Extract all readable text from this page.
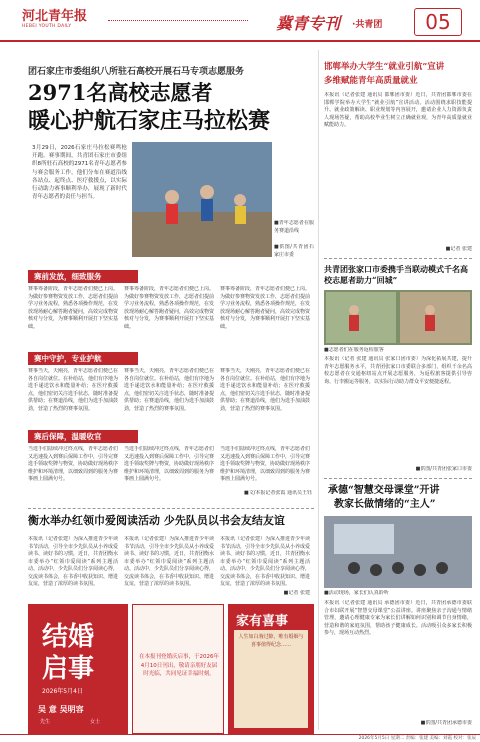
河北青年报
HEBEI YOUTH DAILY	冀青专刊 ·共青团	05
团石家庄市委组织八所驻石高校开展石马专项志愿服务
2971名高校志愿者
暖心护航石家庄马拉松赛
3月29日，2026石家庄马拉松赛鸣枪开跑。赛事期间，共青团石家庄市委组织8所驻石高校的2971名青年志愿者参与赛会服务工作，他们分布在赛道沿线各站点、起终点、医疗救援点，以实际行动助力赛事顺利举办，展现了新时代青年志愿者的责任与担当。
■青年志愿者在服务赛道沿线
■供图/共青团石家庄市委
赛前发放，细致服务
赛事筹备阶段，青年志愿者们便已上岗。为做好参赛物资发放工作，志愿者们提前学习业务流程，熟悉各项操作规范，在发放现场耐心解答跑者疑问，高效完成物资核对与分发，为赛事顺利开展打下坚实基础。
赛事筹备阶段，青年志愿者们便已上岗。为做好参赛物资发放工作，志愿者们提前学习业务流程，熟悉各项操作规范，在发放现场耐心解答跑者疑问，高效完成物资核对与分发，为赛事顺利开展打下坚实基础。
赛事筹备阶段，青年志愿者们便已上岗。为做好参赛物资发放工作，志愿者们提前学习业务流程，熟悉各项操作规范，在发放现场耐心解答跑者疑问，高效完成物资核对与分发，为赛事顺利开展打下坚实基础。
赛中守护，专业护航
赛事当天，天刚亮，青年志愿者们便已在各自岗位就位。在补给站，他们有序地为选手递送饮水和能量补给；在医疗救援点，他们密切关注选手状态，随时准备提供帮助；在赛道沿线，他们为选手加油鼓劲，营造了热烈的赛事氛围。
赛事当天，天刚亮，青年志愿者们便已在各自岗位就位。在补给站，他们有序地为选手递送饮水和能量补给；在医疗救援点，他们密切关注选手状态，随时准备提供帮助；在赛道沿线，他们为选手加油鼓劲，营造了热烈的赛事氛围。
赛事当天，天刚亮，青年志愿者们便已在各自岗位就位。在补给站，他们有序地为选手递送饮水和能量补给；在医疗救援点，他们密切关注选手状态，随时准备提供帮助；在赛道沿线，他们为选手加油鼓劲，营造了热烈的赛事氛围。
赛后保障，温暖收官
当选手们陆续冲过终点线，青年志愿者们又迅速投入到赛后保障工作中，引导完赛选手领取奖牌与物资，协助做好现场秩序维护和环境清理，以细致周到的服务为赛事画上圆满句号。
当选手们陆续冲过终点线，青年志愿者们又迅速投入到赛后保障工作中，引导完赛选手领取奖牌与物资，协助做好现场秩序维护和环境清理，以细致周到的服务为赛事画上圆满句号。
当选手们陆续冲过终点线，青年志愿者们又迅速投入到赛后保障工作中，引导完赛选手领取奖牌与物资，协助做好现场秩序维护和环境清理，以细致周到的服务为赛事画上圆满句号。
■文/本报记者张霞 通讯员王钰
衡水举办红领巾爱阅读活动 少先队员以书会友结友谊
本报讯（记者张建）为深入推进青少年读书节活动，引导全市少先队员从小养成爱读书、读好书的习惯，近日，共青团衡水市委举办“红领巾爱阅读”系列主题活动。活动中，少先队员们分享阅读心得，交流读书体会，在书香中收获知识、增进友谊，营造了浓厚的读书氛围。
本报讯（记者张建）为深入推进青少年读书节活动，引导全市少先队员从小养成爱读书、读好书的习惯，近日，共青团衡水市委举办“红领巾爱阅读”系列主题活动。活动中，少先队员们分享阅读心得，交流读书体会，在书香中收获知识、增进友谊，营造了浓厚的读书氛围。
本报讯（记者张建）为深入推进青少年读书节活动，引导全市少先队员从小养成爱读书、读好书的习惯，近日，共青团衡水市委举办“红领巾爱阅读”系列主题活动。活动中，少先队员们分享阅读心得，交流读书体会，在书香中收获知识、增进友谊，营造了浓厚的读书氛围。
■记者 张建
结婚
启事
2026年5月4日
吴 意 吴明容
先生	女士
在本报刊登婚庆启事，于2026年4月10日刊出，敬请亲朋好友届时光临，共同见证幸福时刻。
家有喜事
人生如白驹过隙，唯有婚姻与喜事值得纪念……
邯郸举办大学生“就业引航”宣讲
多维赋能青年高质量就业
本报讯（记者张建 通讯员 邯郸团市委）近日，共青团邯郸市委在邯郸学院举办大学生“就业引航”宣讲活动。活动围绕求职技能提升、就业政策解读、职业规划等内容展开，邀请企业人力资源负责人现场答疑，帮助高校毕业生树立正确就业观，为青年高质量就业赋能助力。
■记者 张建
共青团张家口市委携手当联动模式千名高校志愿者助力“回城”
■志愿者们在服务返程旅客
本报讯（记者 张建 通讯员 张家口团市委）为深化拓展共建，提升青年志愿服务水平，共青团张家口市委联合多部门，组织千余名高校志愿者在交通枢纽站点开展志愿服务，为返程旅客提供引导咨询、行李搬运等服务，以实际行动助力群众平安便捷返程。
■供图/共青团张家口市委
承德“智慧交母课堂”开讲
教家长做情绪的“主人”
■活动现场，家长们认真聆听
本报讯（记者张建 通讯员 承德团市委）近日，共青团承德市委联合市妇联开展“智慧交母课堂”公益讲座。讲座聚焦亲子沟通与情绪管理，邀请心理健康专家为家长们讲解如何识别和调节自身情绪，营造和谐的家庭氛围，帮助孩子健康成长。活动吸引众多家长积极参与，现场互动热烈。
■供图/共青团承德市委
2026年5月5日 星期二 责编：张建 美编：刘霞 校对：张辰
